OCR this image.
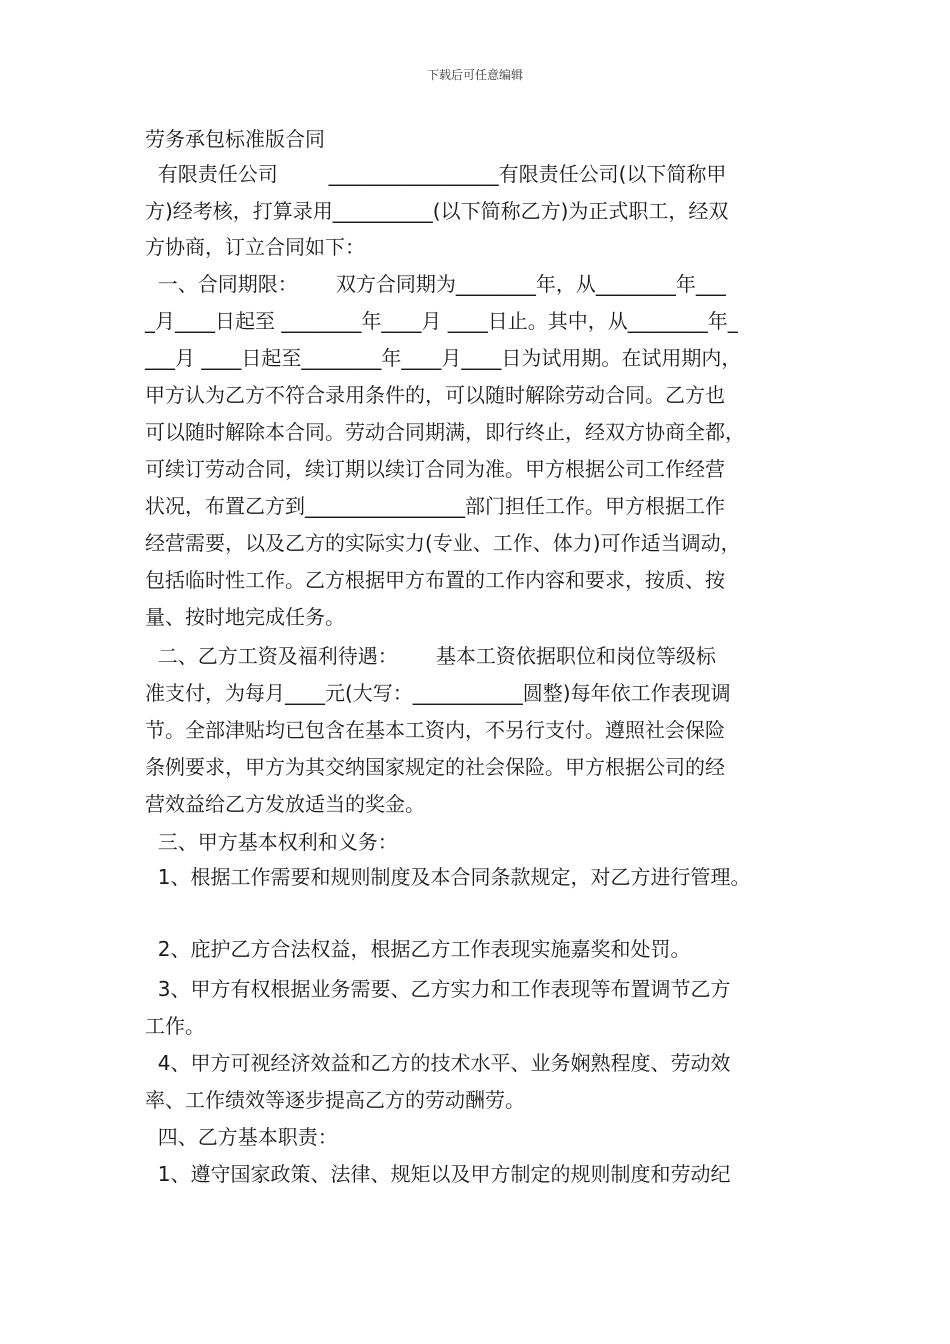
下载后可任意编辑
劳务承包标准版合同
有限责任公司        _________________有限责任公司(以下简称甲
方)经考核，打算录用__________(以下简称乙方)为正式职工，经双
方协商，订立合同如下：
一、合同期限：      双方合同期为________年，从________年___
_月____日起至 ________年____月 ____日止。其中，从________年_
___月 ____日起至________年____月____日为试用期。在试用期内，
甲方认为乙方不符合录用条件的，可以随时解除劳动合同。乙方也
可以随时解除本合同。劳动合同期满，即行终止，经双方协商全都，
可续订劳动合同，续订期以续订合同为准。甲方根据公司工作经营
状况，布置乙方到________________部门担任工作。甲方根据工作
经营需要，以及乙方的实际实力(专业、工作、体力)可作适当调动，
包括临时性工作。乙方根据甲方布置的工作内容和要求，按质、按
量、按时地完成任务。
二、乙方工资及福利待遇：      基本工资依据职位和岗位等级标
准支付，为每月____元(大写：___________圆整)每年依工作表现调
节。全部津贴均已包含在基本工资内，不另行支付。遵照社会保险
条例要求，甲方为其交纳国家规定的社会保险。甲方根据公司的经
营效益给乙方发放适当的奖金。
三、甲方基本权利和义务：
1、根据工作需要和规则制度及本合同条款规定，对乙方进行管理。
2、庇护乙方合法权益，根据乙方工作表现实施嘉奖和处罚。
3、甲方有权根据业务需要、乙方实力和工作表现等布置调节乙方
工作。
4、甲方可视经济效益和乙方的技术水平、业务娴熟程度、劳动效
率、工作绩效等逐步提高乙方的劳动酬劳。
四、乙方基本职责：
1、遵守国家政策、法律、规矩以及甲方制定的规则制度和劳动纪
